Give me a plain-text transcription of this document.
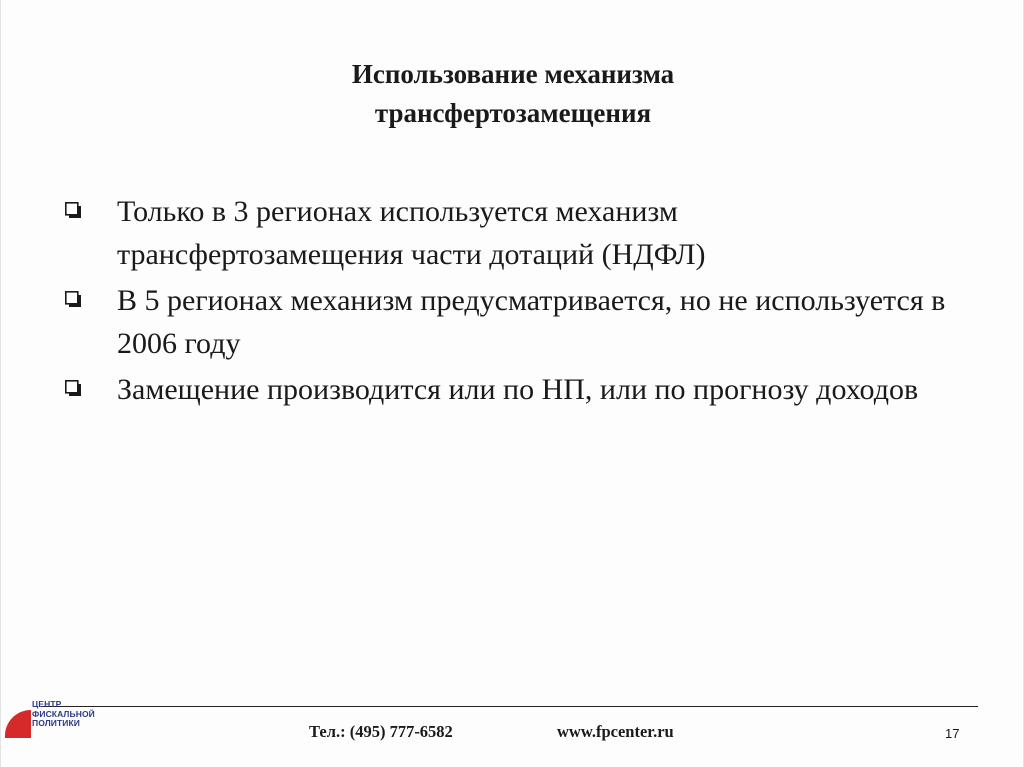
Использование механизма
трансфертозамещения
Только в 3 регионах используется механизм трансфертозамещения части дотаций (НДФЛ)
В 5 регионах механизм предусматривается, но не используется в 2006 году
Замещение производится или по НП, или по прогнозу доходов
ЦЕНТР
ФИСКАЛЬНОЙ
ПОЛИТИКИ	Тел.: (495) 777-6582	www.fpcenter.ru	17
